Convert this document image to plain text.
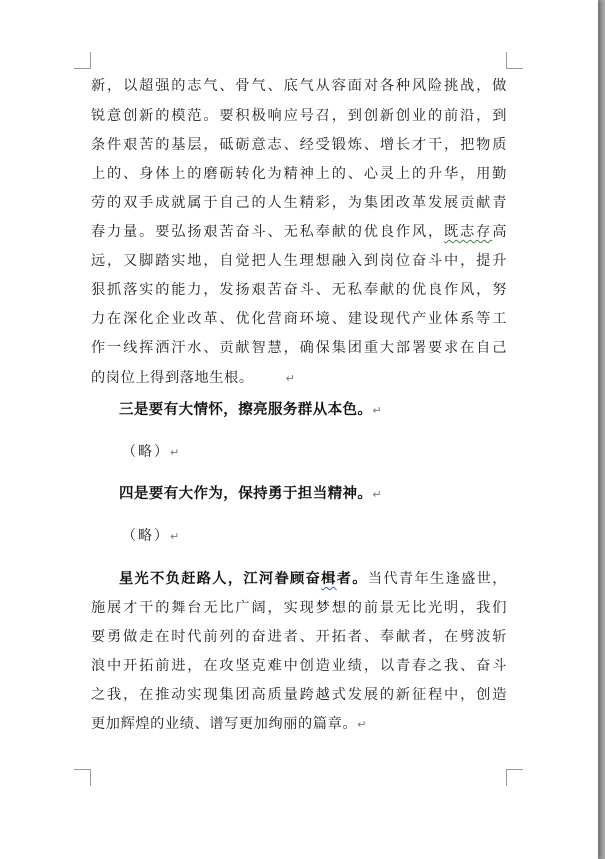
新，以超强的志气、骨气、底气从容面对各种风险挑战，做
锐意创新的模范。要积极响应号召，到创新创业的前沿，到
条件艰苦的基层，砥砺意志、经受锻炼、增长才干，把物质
上的、身体上的磨砺转化为精神上的、心灵上的升华，用勤
劳的双手成就属于自己的人生精彩，为集团改革发展贡献青
春力量。要弘扬艰苦奋斗、无私奉献的优良作风，既志存高
远，又脚踏实地，自觉把人生理想融入到岗位奋斗中，提升
狠抓落实的能力，发扬艰苦奋斗、无私奉献的优良作风，努
力在深化企业改革、优化营商环境、建设现代产业体系等工
作一线挥洒汗水、贡献智慧，确保集团重大部署要求在自己
的岗位上得到落地生根。	↵
三是要有大情怀，擦亮服务群从本色。↵
（略）↵
四是要有大作为，保持勇于担当精神。↵
（略）↵
星光不负赶路人，江河眷顾奋楫者。当代青年生逢盛世，
施展才干的舞台无比广阔，实现梦想的前景无比光明，我们
要勇做走在时代前列的奋进者、开拓者、奉献者，在劈波斩
浪中开拓前进，在攻坚克难中创造业绩，以青春之我、奋斗
之我，在推动实现集团高质量跨越式发展的新征程中，创造
更加辉煌的业绩、谱写更加绚丽的篇章。↵
